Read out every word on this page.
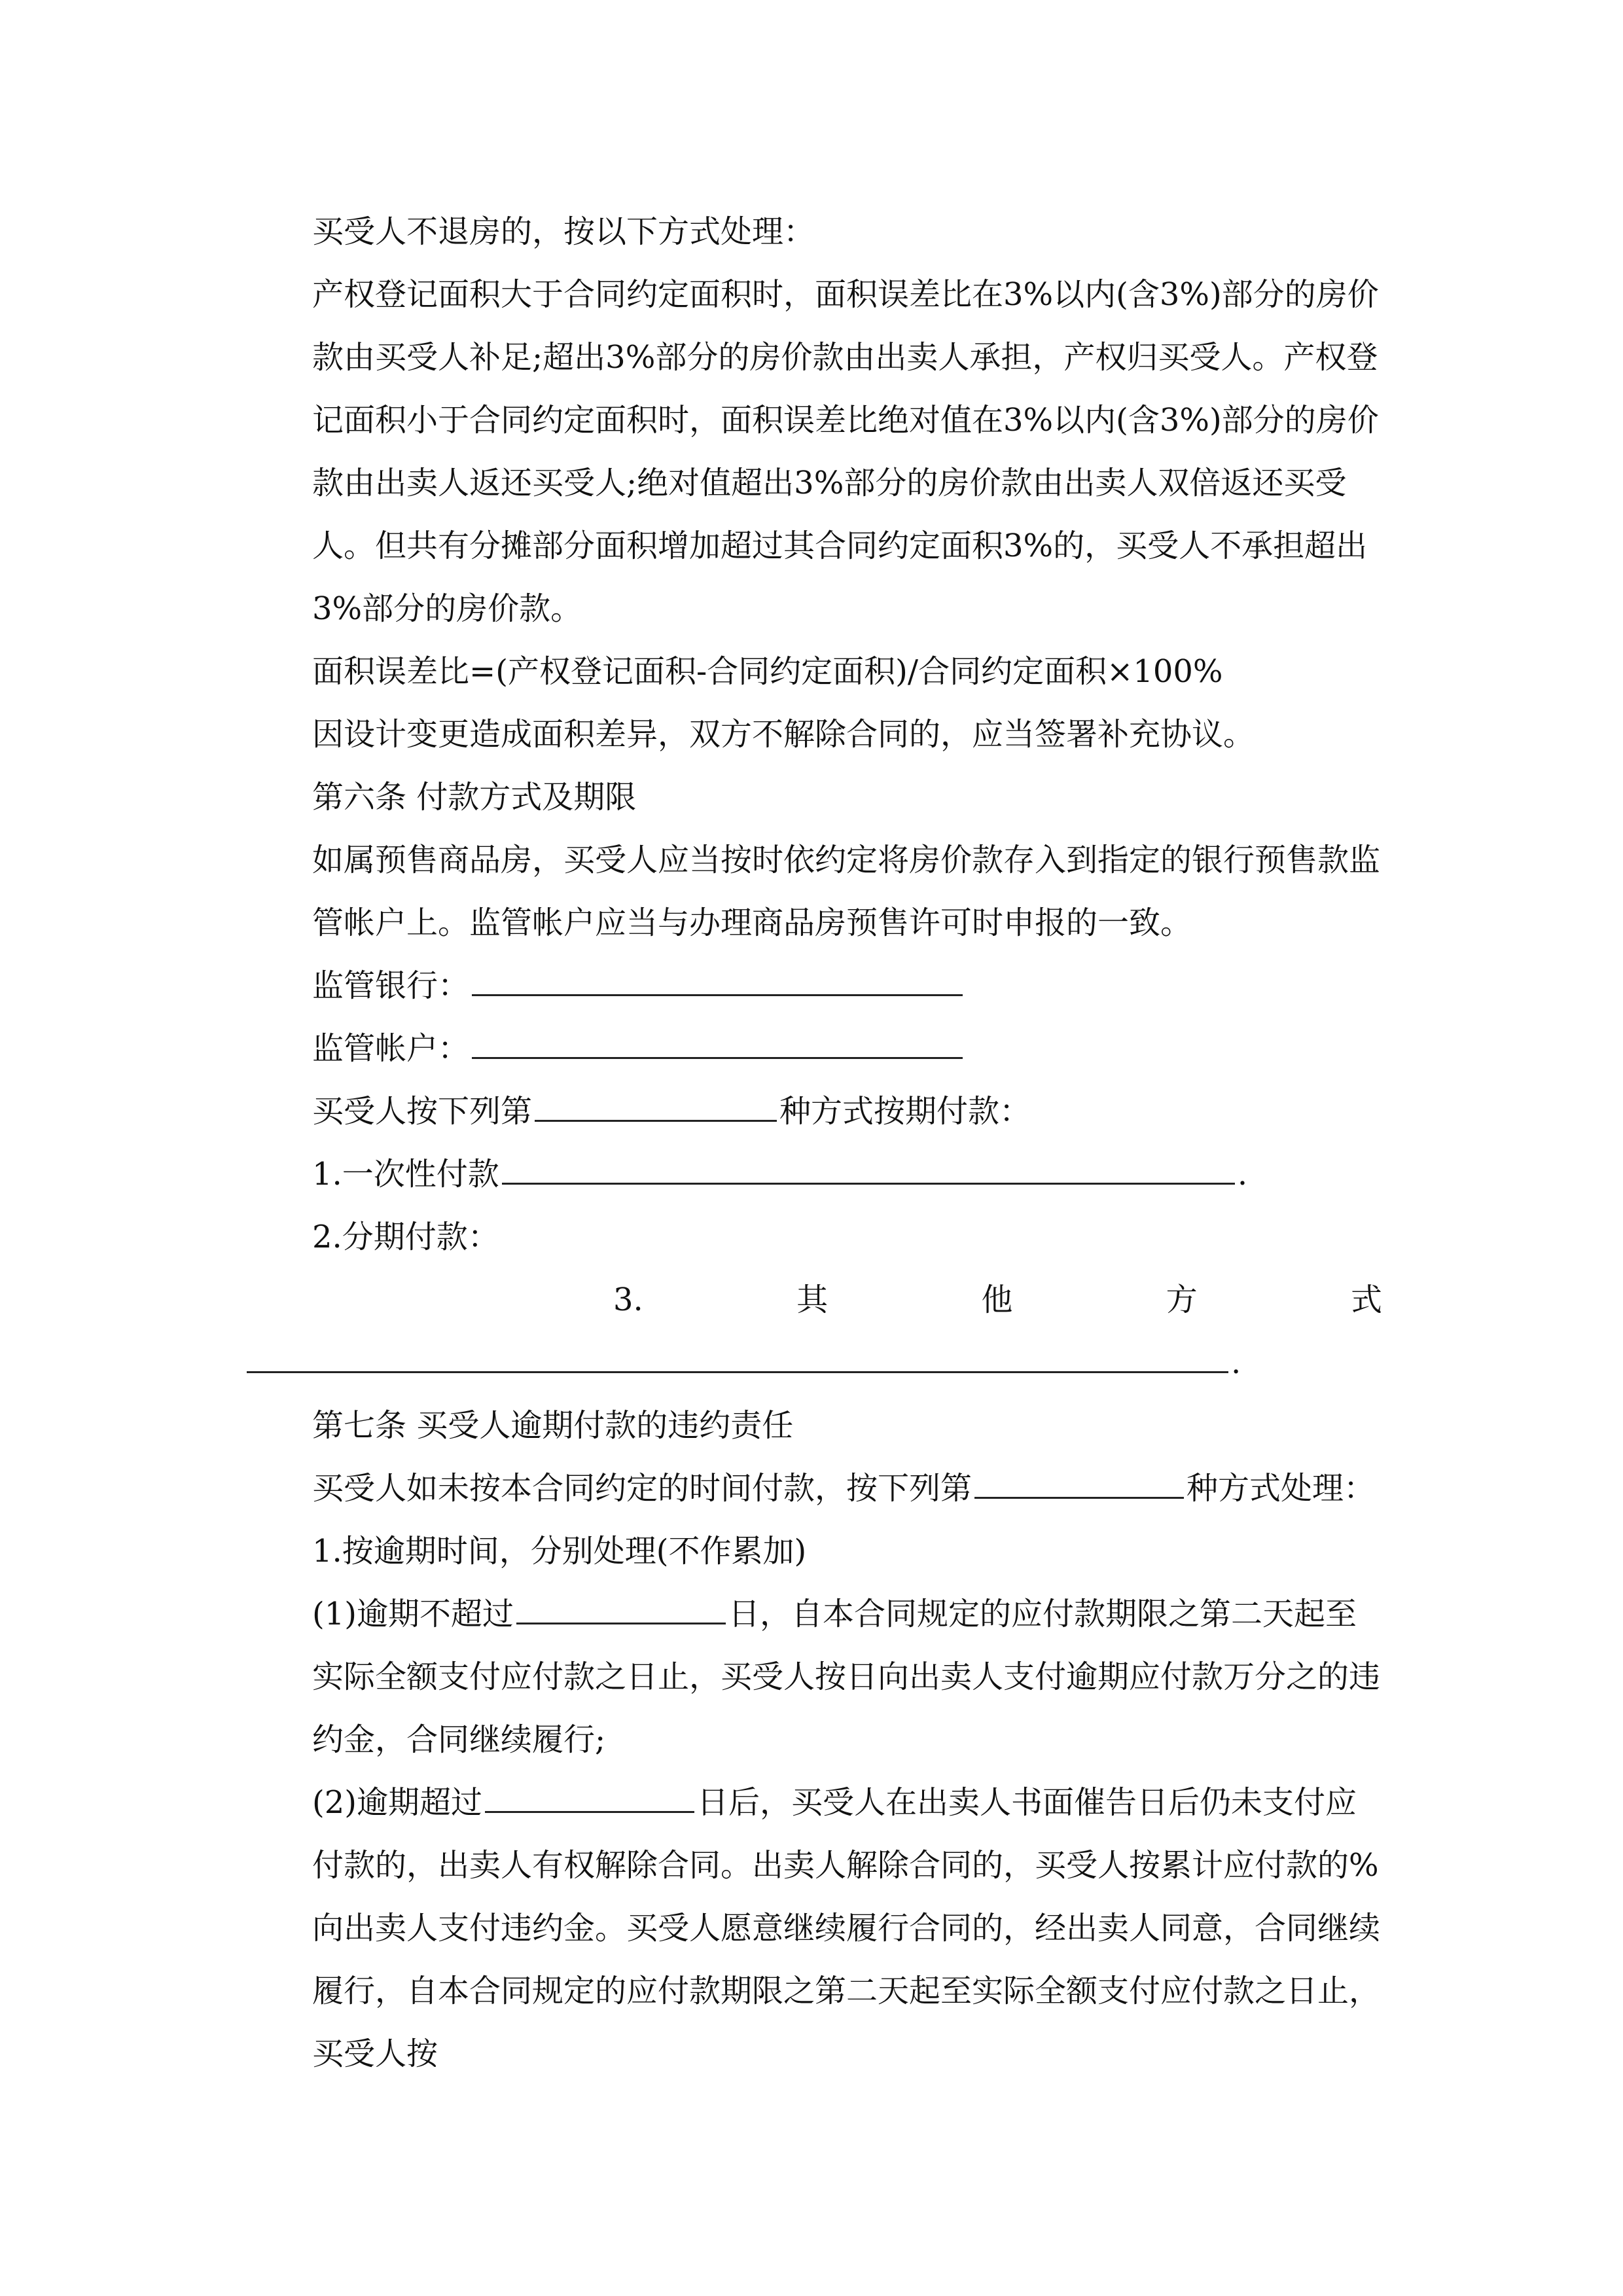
买受人不退房的，按以下方式处理：

产权登记面积大于合同约定面积时，面积误差比在3%以内(含3%)部分的房价款由买受人补足;超出3%部分的房价款由出卖人承担，产权归买受人。产权登记面积小于合同约定面积时，面积误差比绝对值在3%以内(含3%)部分的房价款由出卖人返还买受人;绝对值超出3%部分的房价款由出卖人双倍返还买受人。但共有分摊部分面积增加超过其合同约定面积3%的，买受人不承担超出3%部分的房价款。

面积误差比=(产权登记面积-合同约定面积)/合同约定面积×100%

因设计变更造成面积差异，双方不解除合同的，应当签署补充协议。

第六条 付款方式及期限

如属预售商品房，买受人应当按时依约定将房价款存入到指定的银行预售款监管帐户上。监管帐户应当与办理商品房预售许可时申报的一致。

监管银行：

监管帐户：

买受人按下列第	种方式按期付款：

1.一次性付款	.

2.分期付款：

3.	其	他	方	式

.

第七条 买受人逾期付款的违约责任

买受人如未按本合同约定的时间付款，按下列第	种方式处理：

1.按逾期时间，分别处理(不作累加)

(1)逾期不超过	日，自本合同规定的应付款期限之第二天起至实际全额支付应付款之日止，买受人按日向出卖人支付逾期应付款万分之的违约金，合同继续履行;

(2)逾期超过	日后，买受人在出卖人书面催告日后仍未支付应付款的，出卖人有权解除合同。出卖人解除合同的，买受人按累计应付款的%向出卖人支付违约金。买受人愿意继续履行合同的，经出卖人同意，合同继续履行，自本合同规定的应付款期限之第二天起至实际全额支付应付款之日止，买受人按
